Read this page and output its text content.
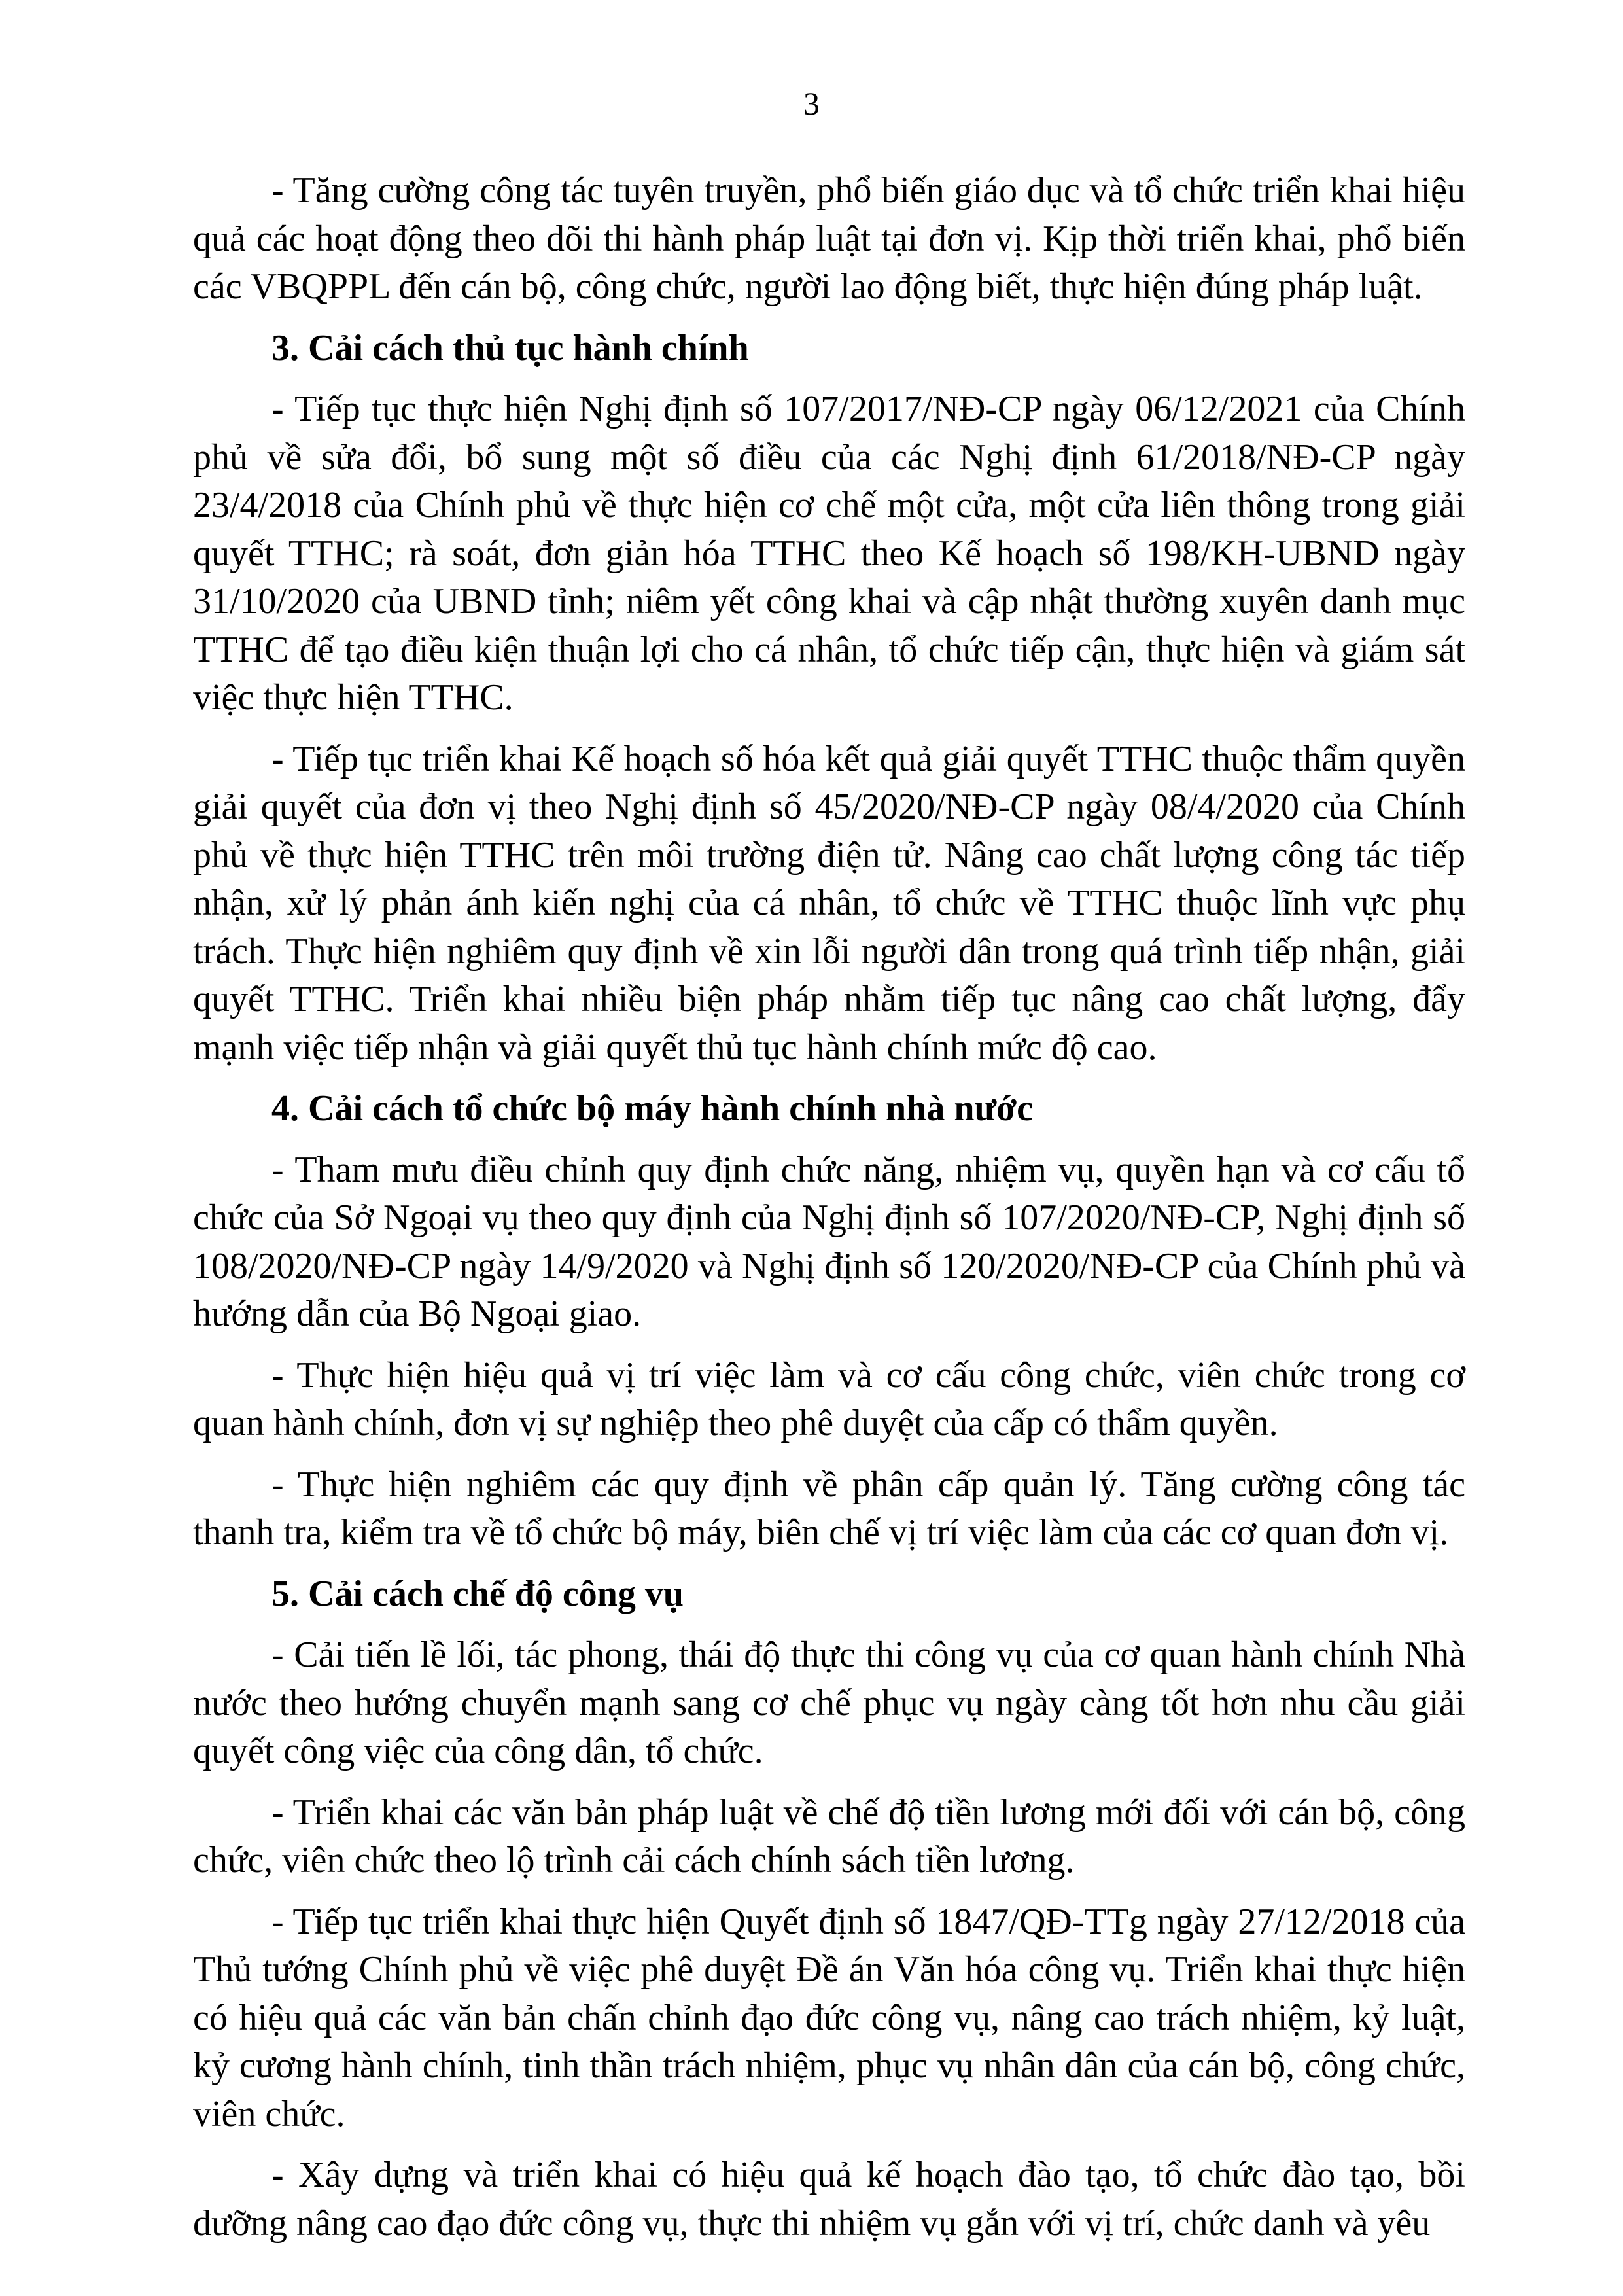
3

- Tăng cường công tác tuyên truyền, phổ biến giáo dục và tổ chức triển khai hiệu quả các hoạt động theo dõi thi hành pháp luật tại đơn vị. Kịp thời triển khai, phổ biến các VBQPPL đến cán bộ, công chức, người lao động biết, thực hiện đúng pháp luật.

3. Cải cách thủ tục hành chính

- Tiếp tục thực hiện Nghị định số 107/2017/NĐ-CP ngày 06/12/2021 của Chính phủ về sửa đổi, bổ sung một số điều của các Nghị định 61/2018/NĐ-CP ngày 23/4/2018 của Chính phủ về thực hiện cơ chế một cửa, một cửa liên thông trong giải quyết TTHC; rà soát, đơn giản hóa TTHC theo Kế hoạch số 198/KH-UBND ngày 31/10/2020 của UBND tỉnh; niêm yết công khai và cập nhật thường xuyên danh mục TTHC để tạo điều kiện thuận lợi cho cá nhân, tổ chức tiếp cận, thực hiện và giám sát việc thực hiện TTHC.

- Tiếp tục triển khai Kế hoạch số hóa kết quả giải quyết TTHC thuộc thẩm quyền giải quyết của đơn vị theo Nghị định số 45/2020/NĐ-CP ngày 08/4/2020 của Chính phủ về thực hiện TTHC trên môi trường điện tử. Nâng cao chất lượng công tác tiếp nhận, xử lý phản ánh kiến nghị của cá nhân, tổ chức về TTHC thuộc lĩnh vực phụ trách. Thực hiện nghiêm quy định về xin lỗi người dân trong quá trình tiếp nhận, giải quyết TTHC. Triển khai nhiều biện pháp nhằm tiếp tục nâng cao chất lượng, đẩy mạnh việc tiếp nhận và giải quyết thủ tục hành chính mức độ cao.

4. Cải cách tổ chức bộ máy hành chính nhà nước

- Tham mưu điều chỉnh quy định chức năng, nhiệm vụ, quyền hạn và cơ cấu tổ chức của Sở Ngoại vụ theo quy định của Nghị định số 107/2020/NĐ-CP, Nghị định số 108/2020/NĐ-CP ngày 14/9/2020 và Nghị định số 120/2020/NĐ-CP của Chính phủ và hướng dẫn của Bộ Ngoại giao.

- Thực hiện hiệu quả vị trí việc làm và cơ cấu công chức, viên chức trong cơ quan hành chính, đơn vị sự nghiệp theo phê duyệt của cấp có thẩm quyền.

- Thực hiện nghiêm các quy định về phân cấp quản lý. Tăng cường công tác thanh tra, kiểm tra về tổ chức bộ máy, biên chế vị trí việc làm của các cơ quan đơn vị.

5. Cải cách chế độ công vụ

- Cải tiến lề lối, tác phong, thái độ thực thi công vụ của cơ quan hành chính Nhà nước theo hướng chuyển mạnh sang cơ chế phục vụ ngày càng tốt hơn nhu cầu giải quyết công việc của công dân, tổ chức.

- Triển khai các văn bản pháp luật về chế độ tiền lương mới đối với cán bộ, công chức, viên chức theo lộ trình cải cách chính sách tiền lương.

- Tiếp tục triển khai thực hiện Quyết định số 1847/QĐ-TTg ngày 27/12/2018 của Thủ tướng Chính phủ về việc phê duyệt Đề án Văn hóa công vụ. Triển khai thực hiện có hiệu quả các văn bản chấn chỉnh đạo đức công vụ, nâng cao trách nhiệm, kỷ luật, kỷ cương hành chính, tinh thần trách nhiệm, phục vụ nhân dân của cán bộ, công chức, viên chức.

- Xây dựng và triển khai có hiệu quả kế hoạch đào tạo, tổ chức đào tạo, bồi dưỡng nâng cao đạo đức công vụ, thực thi nhiệm vụ gắn với vị trí, chức danh và yêu
